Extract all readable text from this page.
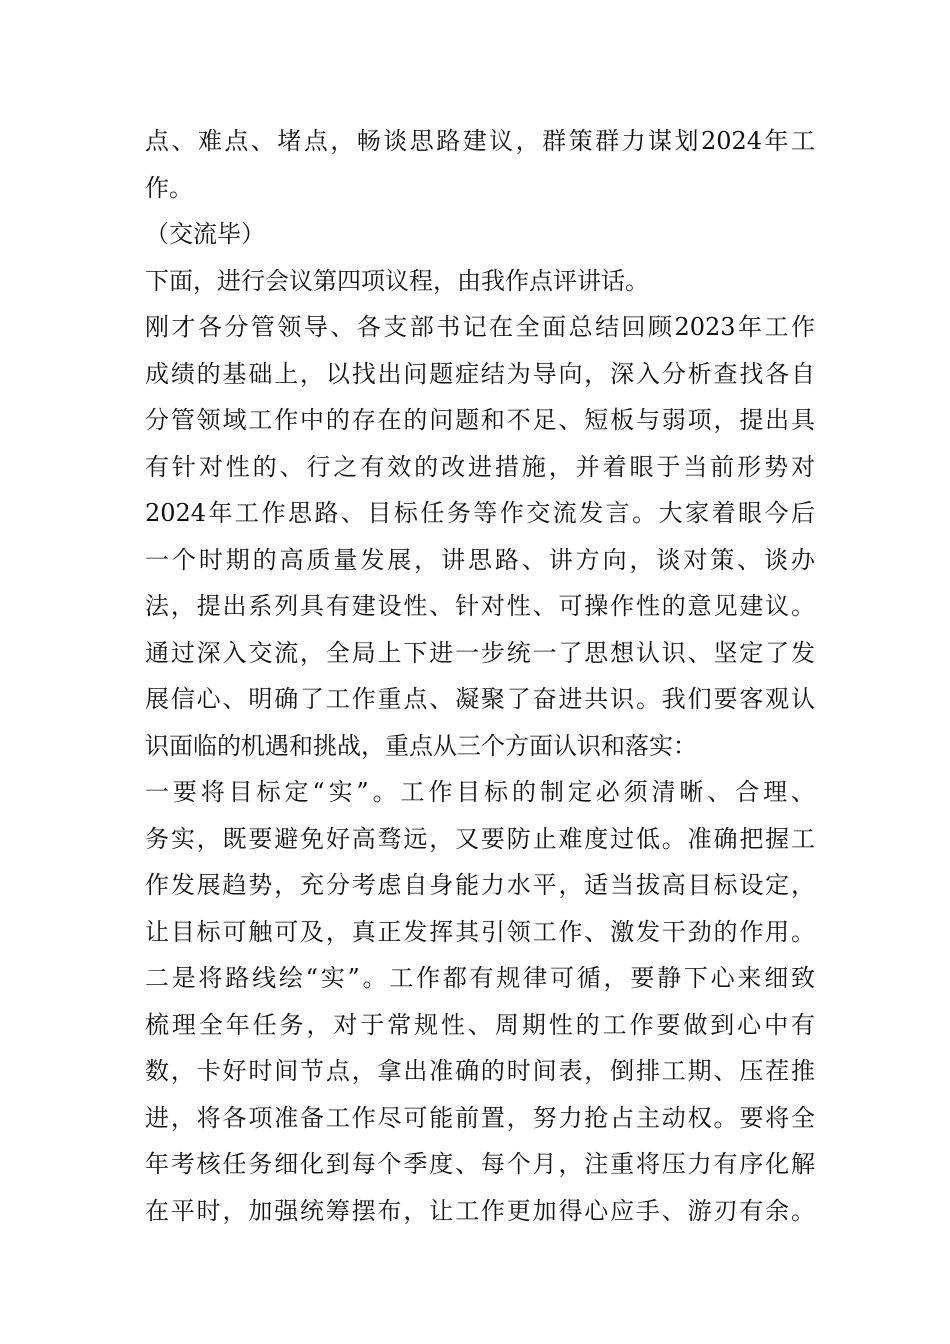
点、难点、堵点，畅谈思路建议，群策群力谋划2024年工
作。
（交流毕）
下面，进行会议第四项议程，由我作点评讲话。
刚才各分管领导、各支部书记在全面总结回顾2023年工作
成绩的基础上，以找出问题症结为导向，深入分析查找各自
分管领域工作中的存在的问题和不足、短板与弱项，提出具
有针对性的、行之有效的改进措施，并着眼于当前形势对
2024年工作思路、目标任务等作交流发言。大家着眼今后
一个时期的高质量发展，讲思路、讲方向，谈对策、谈办
法，提出系列具有建设性、针对性、可操作性的意见建议。
通过深入交流，全局上下进一步统一了思想认识、坚定了发
展信心、明确了工作重点、凝聚了奋进共识。我们要客观认
识面临的机遇和挑战，重点从三个方面认识和落实：
一要将目标定“实”。工作目标的制定必须清晰、合理、
务实，既要避免好高骛远，又要防止难度过低。准确把握工
作发展趋势，充分考虑自身能力水平，适当拔高目标设定，
让目标可触可及，真正发挥其引领工作、激发干劲的作用。
二是将路线绘“实”。工作都有规律可循，要静下心来细致
梳理全年任务，对于常规性、周期性的工作要做到心中有
数，卡好时间节点，拿出准确的时间表，倒排工期、压茬推
进，将各项准备工作尽可能前置，努力抢占主动权。要将全
年考核任务细化到每个季度、每个月，注重将压力有序化解
在平时，加强统筹摆布，让工作更加得心应手、游刃有余。
